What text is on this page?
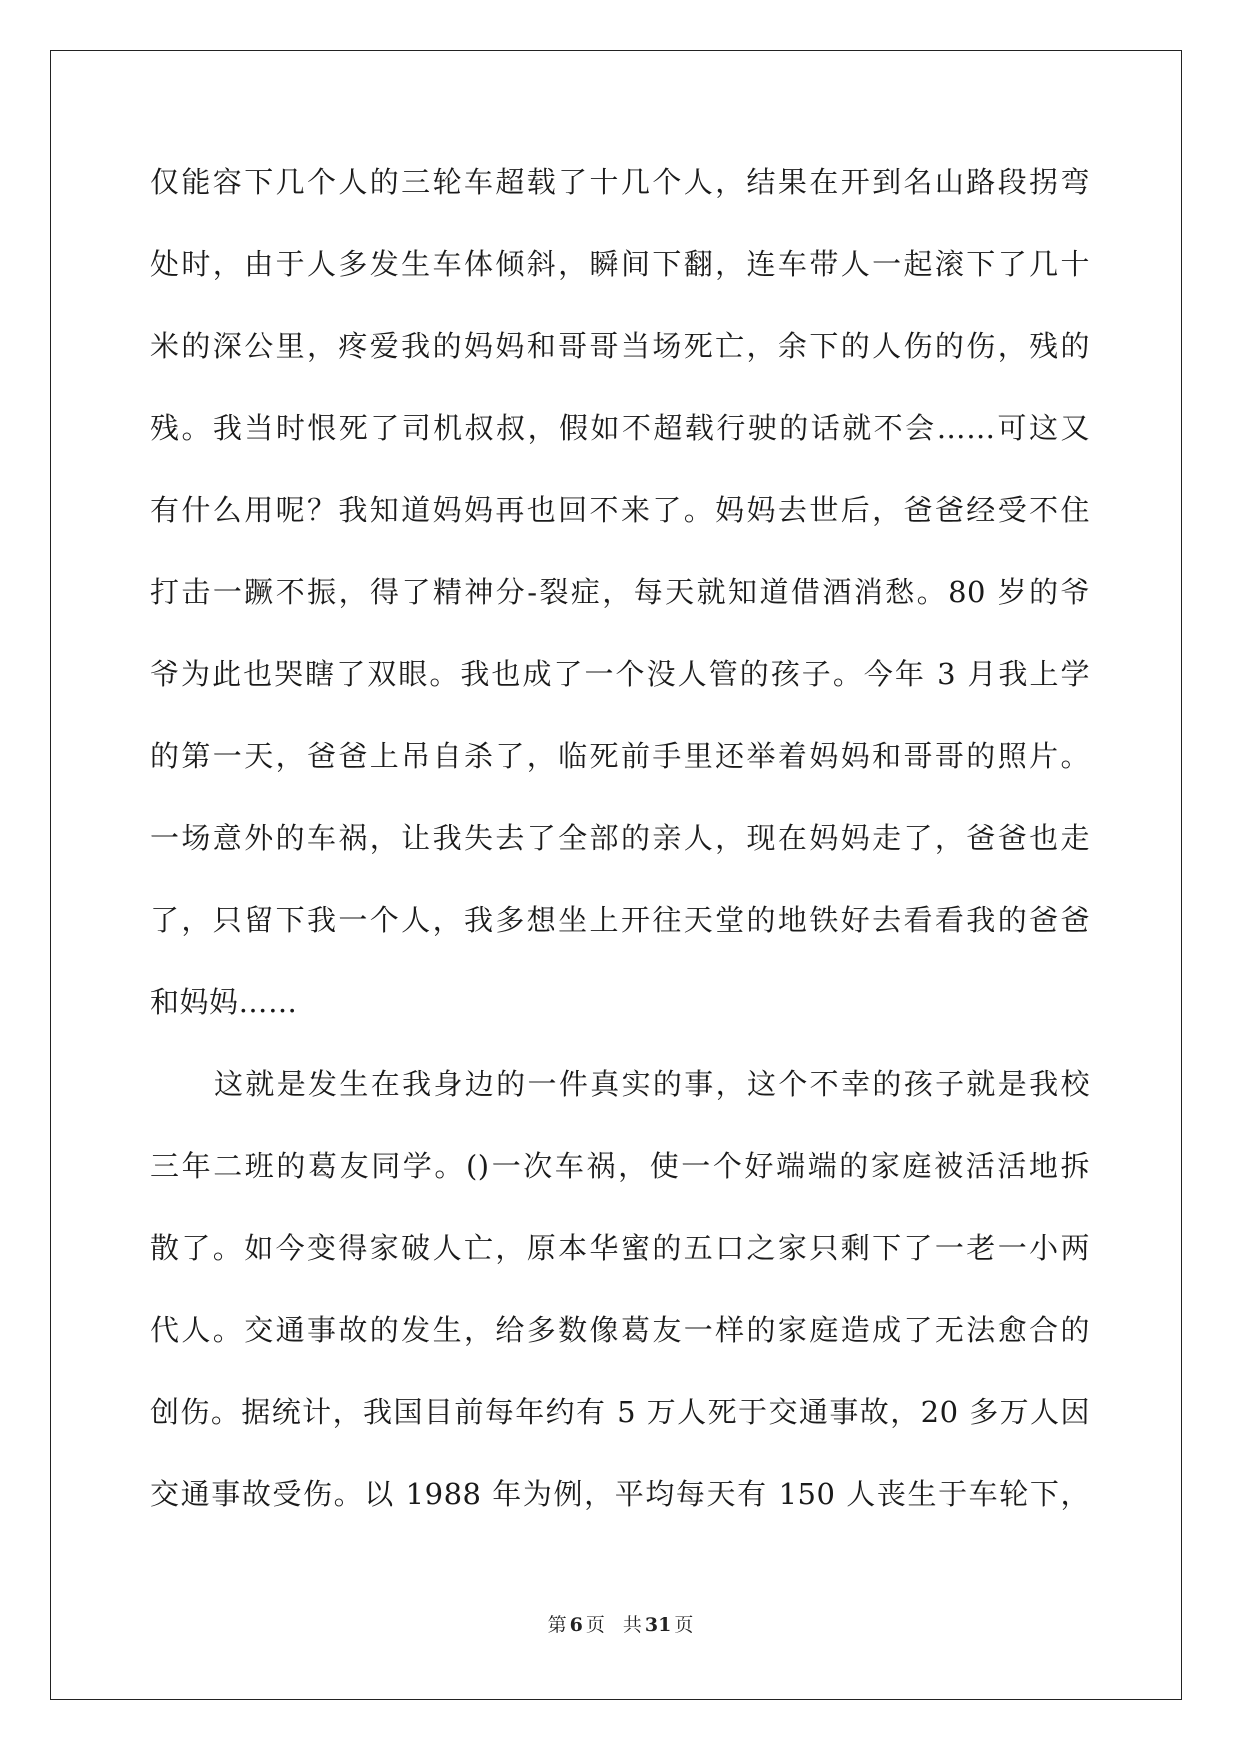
仅能容下几个人的三轮车超载了十几个人，结果在开到名山路段拐弯
处时，由于人多发生车体倾斜，瞬间下翻，连车带人一起滚下了几十
米的深公里，疼爱我的妈妈和哥哥当场死亡，余下的人伤的伤，残的
残。我当时恨死了司机叔叔，假如不超载行驶的话就不会……可这又
有什么用呢？我知道妈妈再也回不来了。妈妈去世后，爸爸经受不住
打击一蹶不振，得了精神分-裂症，每天就知道借酒消愁。80 岁的爷
爷为此也哭瞎了双眼。我也成了一个没人管的孩子。今年 3 月我上学
的第一天，爸爸上吊自杀了，临死前手里还举着妈妈和哥哥的照片。
一场意外的车祸，让我失去了全部的亲人，现在妈妈走了，爸爸也走
了，只留下我一个人，我多想坐上开往天堂的地铁好去看看我的爸爸
和妈妈……
这就是发生在我身边的一件真实的事，这个不幸的孩子就是我校
三年二班的葛友同学。()一次车祸，使一个好端端的家庭被活活地拆
散了。如今变得家破人亡，原本华蜜的五口之家只剩下了一老一小两
代人。交通事故的发生，给多数像葛友一样的家庭造成了无法愈合的
创伤。据统计，我国目前每年约有 5 万人死于交通事故，20 多万人因
交通事故受伤。以 1988 年为例，平均每天有 150 人丧生于车轮下，
第 6 页 共 31 页
